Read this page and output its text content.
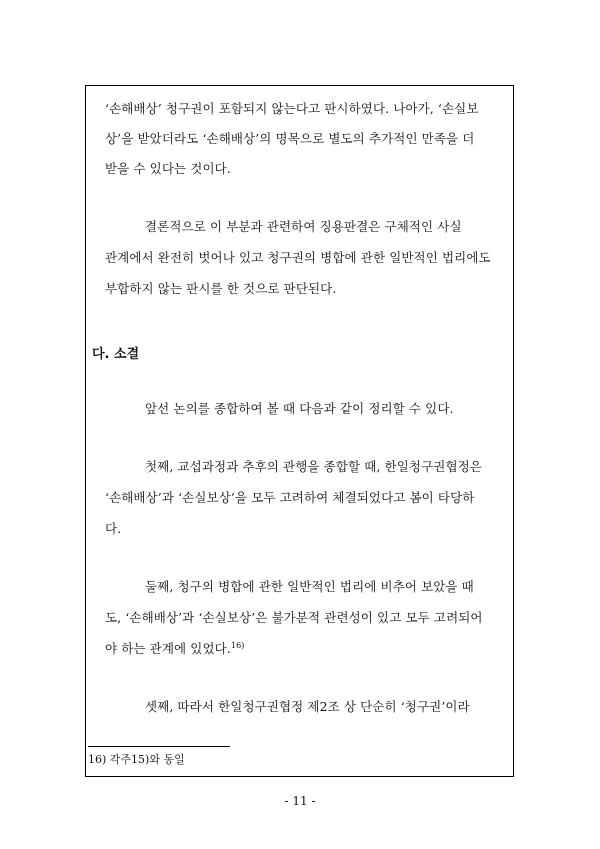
‘손해배상’ 청구권이 포함되지 않는다고 판시하였다. 나아가, ‘손실보
상’을 받았더라도 ‘손해배상’의 명목으로 별도의 추가적인 만족을 더
받을 수 있다는 것이다.
결론적으로 이 부분과 관련하여 징용판결은 구체적인 사실
관계에서 완전히 벗어나 있고 청구권의 병합에 관한 일반적인 법리에도
부합하지 않는 판시를 한 것으로 판단된다.
다. 소결
앞선 논의를 종합하여 볼 때 다음과 같이 정리할 수 있다.
첫째, 교섭과정과 추후의 관행을 종합할 때, 한일청구권협정은
‘손해배상’과 ‘손실보상’을 모두 고려하여 체결되었다고 봄이 타당하
다.
둘째, 청구의 병합에 관한 일반적인 법리에 비추어 보았을 때
도, ‘손해배상’과 ‘손실보상’은 불가분적 관련성이 있고 모두 고려되어
야 하는 관계에 있었다.$^{16)}$
셋째, 따라서 한일청구권협정 제2조 상 단순히 ‘청구권’이라
16) 각주15)와 동일
- 11 -
